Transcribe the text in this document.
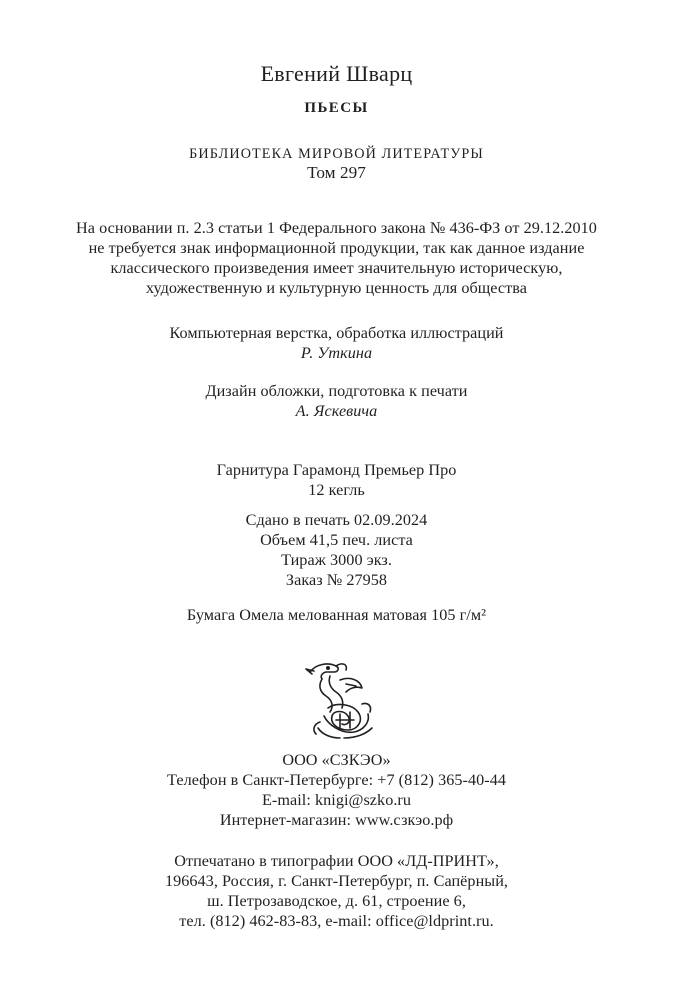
Евгений Шварц
ПЬЕСЫ
БИБЛИОТЕКА МИРОВОЙ ЛИТЕРАТУРЫ
Том 297
На основании п. 2.3 статьи 1 Федерального закона № 436-ФЗ от 29.12.2010
не требуется знак информационной продукции, так как данное издание
классического произведения имеет значительную историческую,
художественную и культурную ценность для общества
Компьютерная верстка, обработка иллюстраций
Р. Уткина
Дизайн обложки, подготовка к печати
А. Яскевича
Гарнитура Гарамонд Премьер Про
12 кегль
Сдано в печать 02.09.2024
Объем 41,5 печ. листа
Тираж 3000 экз.
Заказ № 27958
Бумага Омела мелованная матовая 105 г/м²
ООО «СЗКЭО»
Телефон в Санкт-Петербурге: +7 (812) 365-40-44
E-mail: knigi@szko.ru
Интернет-магазин: www.сзкэо.рф
Отпечатано в типографии ООО «ЛД-ПРИНТ»,
196643, Россия, г. Санкт-Петербург, п. Сапёрный,
ш. Петрозаводское, д. 61, строение 6,
тел. (812) 462-83-83, e-mail: office@ldprint.ru.
